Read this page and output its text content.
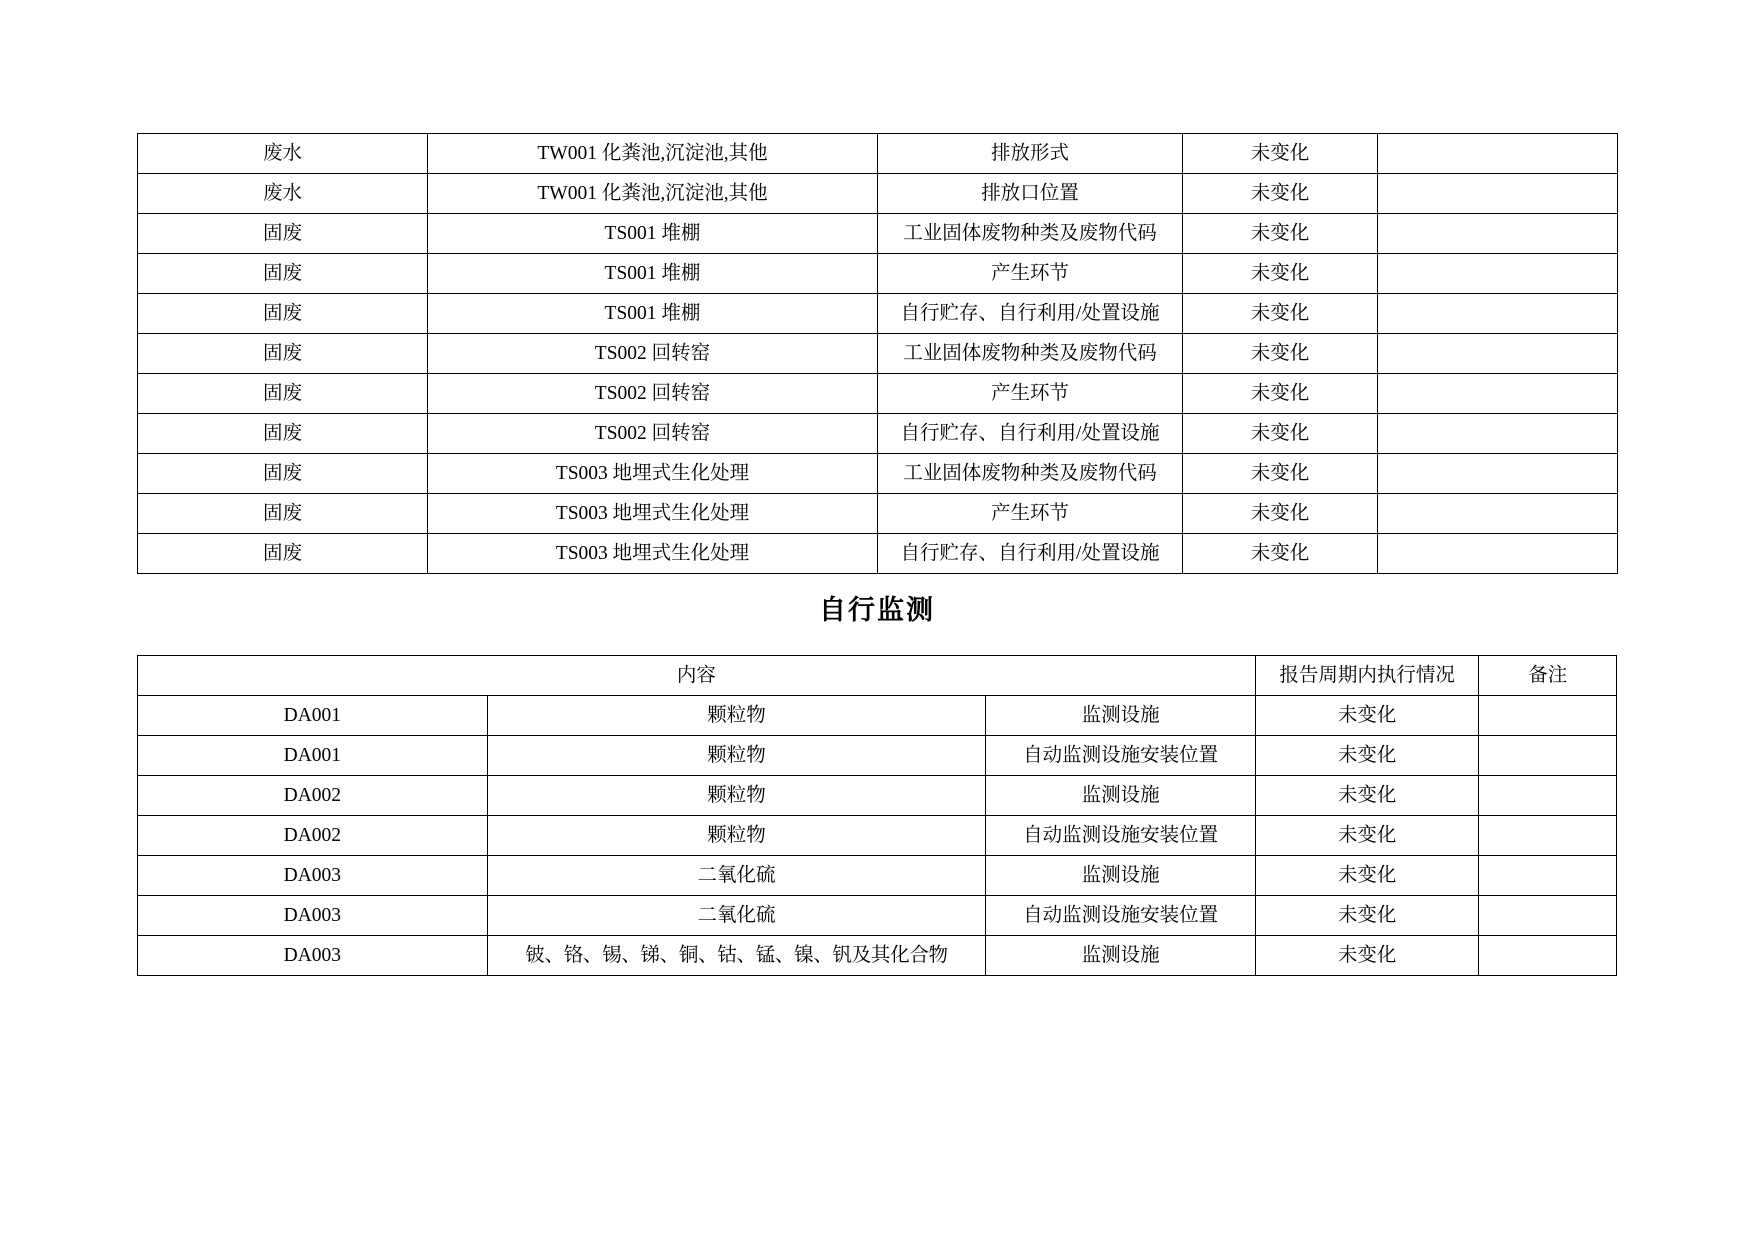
废水	TW001 化粪池,沉淀池,其他	排放形式	未变化	
废水	TW001 化粪池,沉淀池,其他	排放口位置	未变化	
固废	TS001 堆棚	工业固体废物种类及废物代码	未变化	
固废	TS001 堆棚	产生环节	未变化	
固废	TS001 堆棚	自行贮存、自行利用/处置设施	未变化	
固废	TS002 回转窑	工业固体废物种类及废物代码	未变化	
固废	TS002 回转窑	产生环节	未变化	
固废	TS002 回转窑	自行贮存、自行利用/处置设施	未变化	
固废	TS003 地埋式生化处理	工业固体废物种类及废物代码	未变化	
固废	TS003 地埋式生化处理	产生环节	未变化	
固废	TS003 地埋式生化处理	自行贮存、自行利用/处置设施	未变化	
自行监测
内容			报告周期内执行情况	备注
DA001	颗粒物	监测设施	未变化	
DA001	颗粒物	自动监测设施安装位置	未变化	
DA002	颗粒物	监测设施	未变化	
DA002	颗粒物	自动监测设施安装位置	未变化	
DA003	二氧化硫	监测设施	未变化	
DA003	二氧化硫	自动监测设施安装位置	未变化	
DA003	铍、铬、锡、锑、铜、钴、锰、镍、钒及其化合物	监测设施	未变化	
